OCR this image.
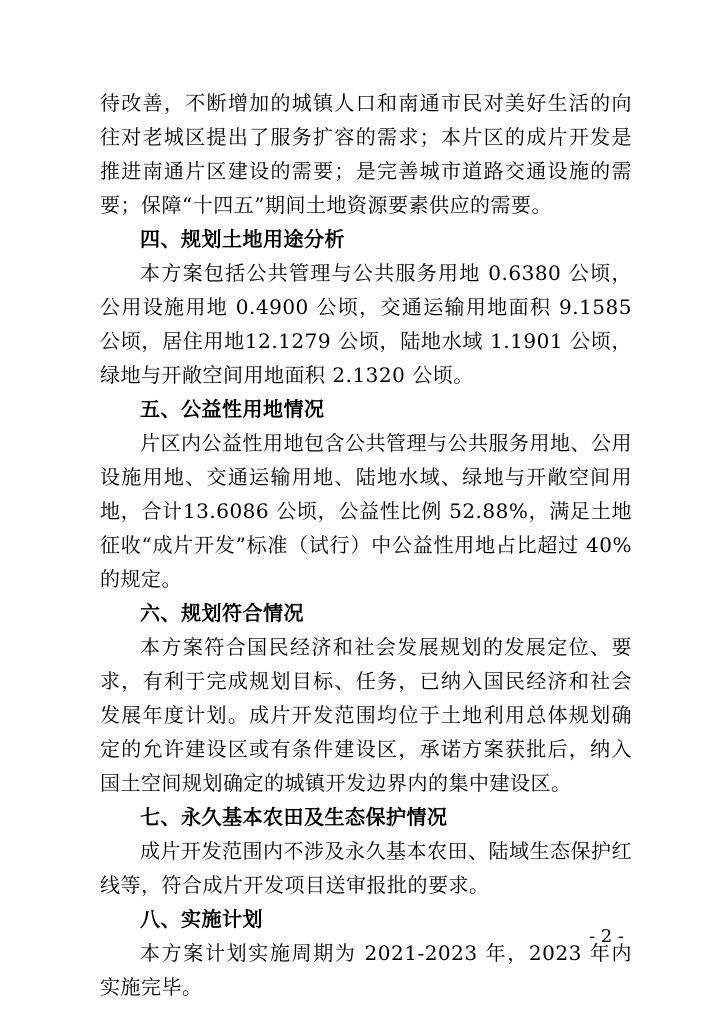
待改善，不断增加的城镇人口和南通市民对美好生活的向往对老城区提出了服务扩容的需求；本片区的成片开发是推进南通片区建设的需要；是完善城市道路交通设施的需要；保障“十四五”期间土地资源要素供应的需要。

四、规划土地用途分析

本方案包括公共管理与公共服务用地 0.6380 公顷，公用设施用地 0.4900 公顷，交通运输用地面积 9.1585 公顷，居住用地12.1279 公顷，陆地水域 1.1901 公顷，绿地与开敞空间用地面积 2.1320 公顷。

五、公益性用地情况

片区内公益性用地包含公共管理与公共服务用地、公用设施用地、交通运输用地、陆地水域、绿地与开敞空间用地，合计13.6086 公顷，公益性比例 52.88%，满足土地征收“成片开发”标准（试行）中公益性用地占比超过 40%的规定。

六、规划符合情况

本方案符合国民经济和社会发展规划的发展定位、要求，有利于完成规划目标、任务，已纳入国民经济和社会发展年度计划。成片开发范围均位于土地利用总体规划确定的允许建设区或有条件建设区，承诺方案获批后，纳入国土空间规划确定的城镇开发边界内的集中建设区。

七、永久基本农田及生态保护情况

成片开发范围内不涉及永久基本农田、陆域生态保护红线等，符合成片开发项目送审报批的要求。

八、实施计划

本方案计划实施周期为 2021-2023 年，2023 年内实施完毕。

- 2 -
